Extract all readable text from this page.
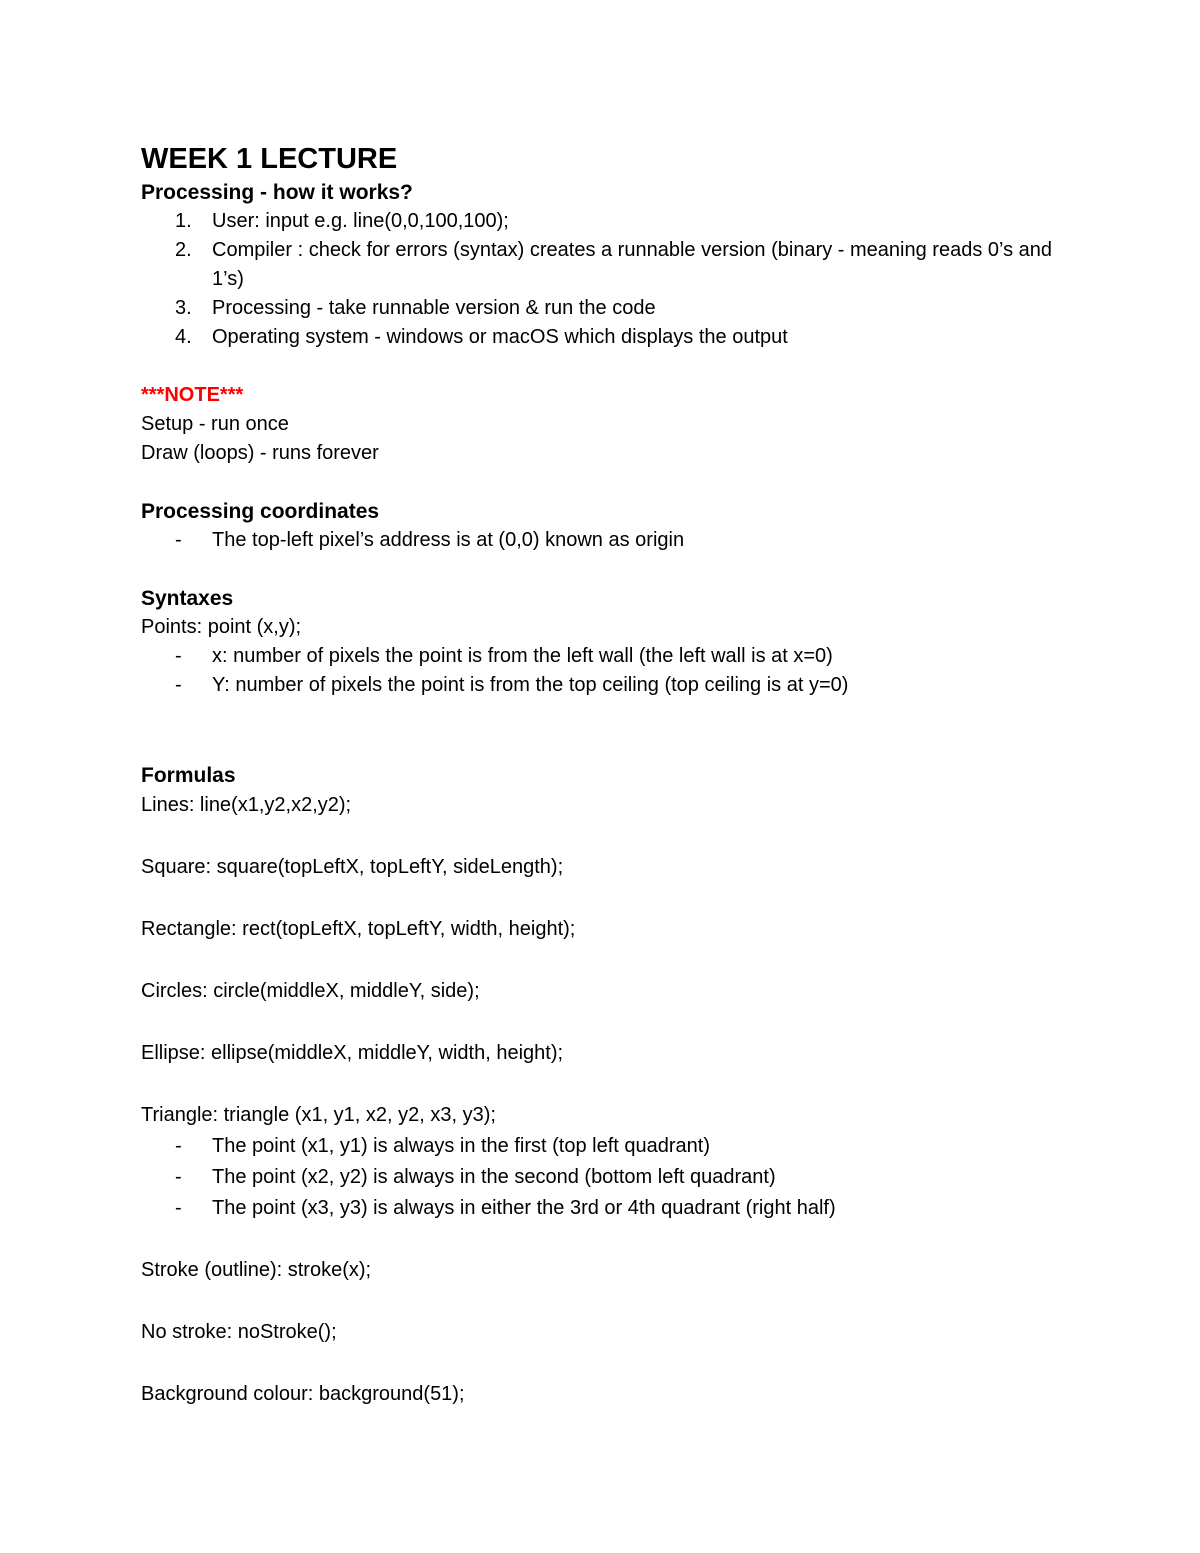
WEEK 1 LECTURE
Processing - how it works?
1. User: input e.g. line(0,0,100,100);
2. Compiler : check for errors (syntax) creates a runnable version (binary - meaning reads 0’s and 1’s)
3. Processing - take runnable version & run the code
4. Operating system - windows or macOS which displays the output
***NOTE***
Setup - run once
Draw (loops) - runs forever
Processing coordinates
- The top-left pixel’s address is at (0,0) known as origin
Syntaxes
Points: point (x,y);
- x: number of pixels the point is from the left wall (the left wall is at x=0)
- Y: number of pixels the point is from the top ceiling (top ceiling is at y=0)
Formulas
Lines: line(x1,y2,x2,y2);
Square: square(topLeftX, topLeftY, sideLength);
Rectangle: rect(topLeftX, topLeftY, width, height);
Circles: circle(middleX, middleY, side);
Ellipse: ellipse(middleX, middleY, width, height);
Triangle: triangle (x1, y1, x2, y2, x3, y3);
- The point (x1, y1) is always in the first (top left quadrant)
- The point (x2, y2) is always in the second (bottom left quadrant)
- The point (x3, y3) is always in either the 3rd or 4th quadrant (right half)
Stroke (outline): stroke(x);
No stroke: noStroke();
Background colour: background(51);
